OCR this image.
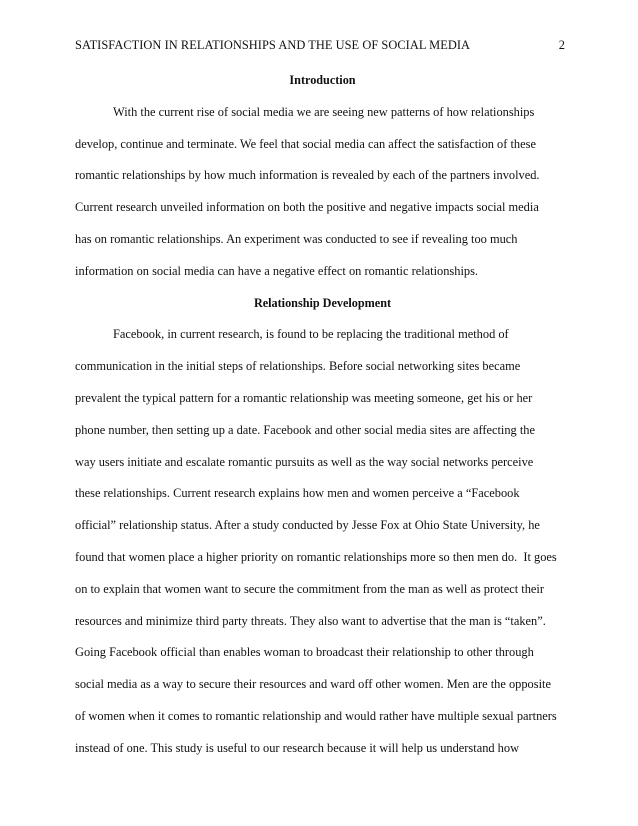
SATISFACTION IN RELATIONSHIPS AND THE USE OF SOCIAL MEDIA	2
Introduction
With the current rise of social media we are seeing new patterns of how relationships
develop, continue and terminate. We feel that social media can affect the satisfaction of these
romantic relationships by how much information is revealed by each of the partners involved.
Current research unveiled information on both the positive and negative impacts social media
has on romantic relationships. An experiment was conducted to see if revealing too much
information on social media can have a negative effect on romantic relationships.
Relationship Development
Facebook, in current research, is found to be replacing the traditional method of
communication in the initial steps of relationships. Before social networking sites became
prevalent the typical pattern for a romantic relationship was meeting someone, get his or her
phone number, then setting up a date. Facebook and other social media sites are affecting the
way users initiate and escalate romantic pursuits as well as the way social networks perceive
these relationships. Current research explains how men and women perceive a “Facebook
official” relationship status. After a study conducted by Jesse Fox at Ohio State University, he
found that women place a higher priority on romantic relationships more so then men do.  It goes
on to explain that women want to secure the commitment from the man as well as protect their
resources and minimize third party threats. They also want to advertise that the man is “taken”.
Going Facebook official than enables woman to broadcast their relationship to other through
social media as a way to secure their resources and ward off other women. Men are the opposite
of women when it comes to romantic relationship and would rather have multiple sexual partners
instead of one. This study is useful to our research because it will help us understand how
